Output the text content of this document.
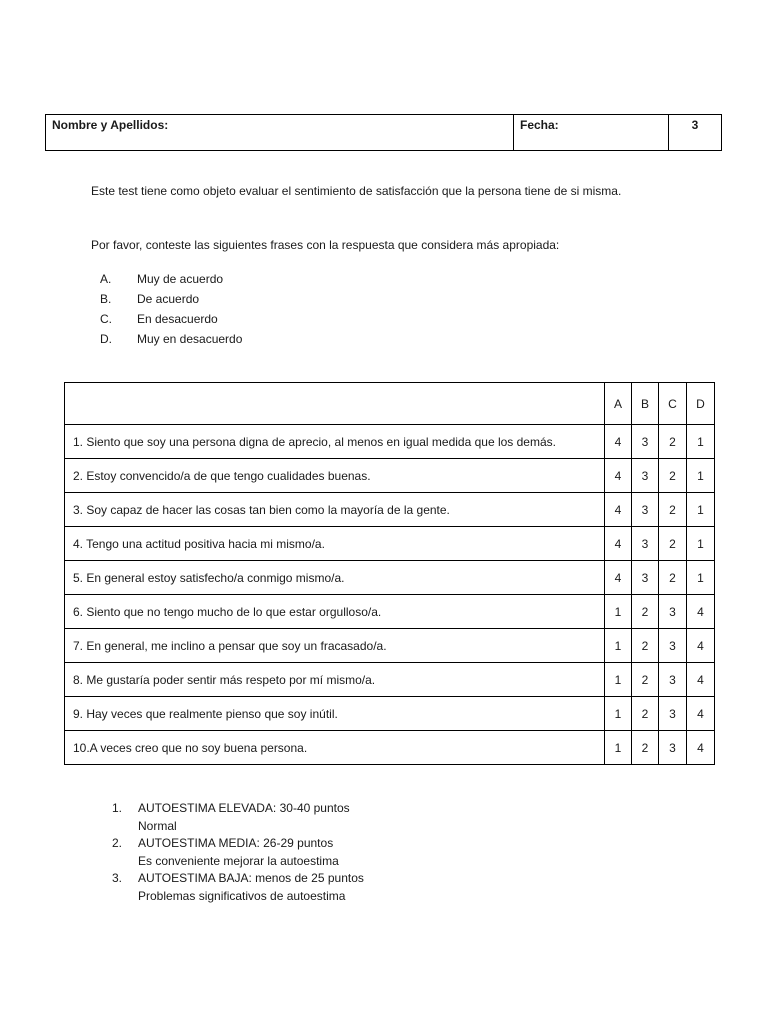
Nombre y Apellidos:	Fecha:	3
Este test tiene como objeto evaluar el sentimiento de satisfacción que la persona tiene de si misma.
Por favor, conteste las siguientes frases con la respuesta que considera más apropiada:
A.	Muy de acuerdo
B.	De acuerdo
C.	En desacuerdo
D.	Muy en desacuerdo
	A	B	C	D
1. Siento que soy una persona digna de aprecio, al menos en igual medida que los demás.	4	3	2	1
2. Estoy convencido/a de que tengo cualidades buenas.	4	3	2	1
3. Soy capaz de hacer las cosas tan bien como la mayoría de la gente.	4	3	2	1
4. Tengo una actitud positiva hacia mi mismo/a.	4	3	2	1
5. En general estoy satisfecho/a conmigo mismo/a.	4	3	2	1
6. Siento que no tengo mucho de lo que estar orgulloso/a.	1	2	3	4
7. En general, me inclino a pensar que soy un fracasado/a.	1	2	3	4
8. Me gustaría poder sentir más respeto por mí mismo/a.	1	2	3	4
9. Hay veces que realmente pienso que soy inútil.	1	2	3	4
10.A veces creo que no soy buena persona.	1	2	3	4
1.	AUTOESTIMA ELEVADA: 30-40 puntos
Normal
2.	AUTOESTIMA MEDIA: 26-29 puntos
Es conveniente mejorar la autoestima
3.	AUTOESTIMA BAJA: menos de 25 puntos
Problemas significativos de autoestima
